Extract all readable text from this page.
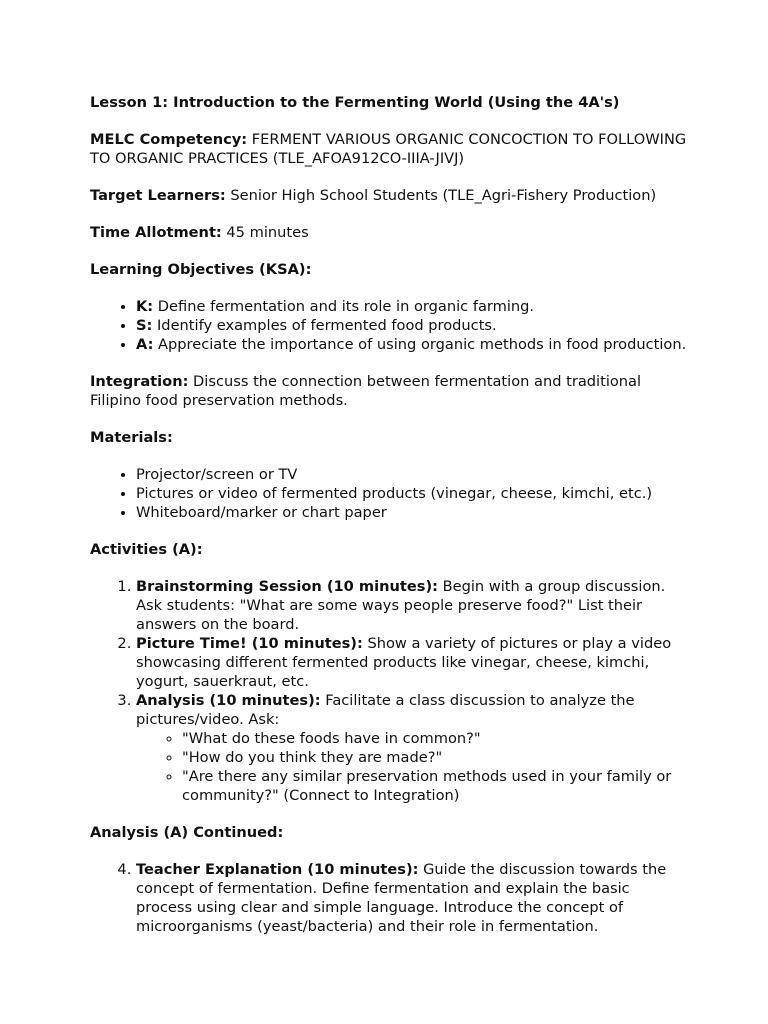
Lesson 1: Introduction to the Fermenting World (Using the 4A's)

MELC Competency: FERMENT VARIOUS ORGANIC CONCOCTION TO FOLLOWING TO ORGANIC PRACTICES (TLE_AFOA912CO-IIIA-JIVJ)

Target Learners: Senior High School Students (TLE_Agri-Fishery Production)

Time Allotment: 45 minutes

Learning Objectives (KSA):

• K: Define fermentation and its role in organic farming.
• S: Identify examples of fermented food products.
• A: Appreciate the importance of using organic methods in food production.

Integration: Discuss the connection between fermentation and traditional Filipino food preservation methods.

Materials:

• Projector/screen or TV
• Pictures or video of fermented products (vinegar, cheese, kimchi, etc.)
• Whiteboard/marker or chart paper

Activities (A):

1. Brainstorming Session (10 minutes): Begin with a group discussion. Ask students: "What are some ways people preserve food?" List their answers on the board.
2. Picture Time! (10 minutes): Show a variety of pictures or play a video showcasing different fermented products like vinegar, cheese, kimchi, yogurt, sauerkraut, etc.
3. Analysis (10 minutes): Facilitate a class discussion to analyze the pictures/video. Ask:
◦ "What do these foods have in common?"
◦ "How do you think they are made?"
◦ "Are there any similar preservation methods used in your family or community?" (Connect to Integration)

Analysis (A) Continued:

4. Teacher Explanation (10 minutes): Guide the discussion towards the concept of fermentation. Define fermentation and explain the basic process using clear and simple language. Introduce the concept of microorganisms (yeast/bacteria) and their role in fermentation.
